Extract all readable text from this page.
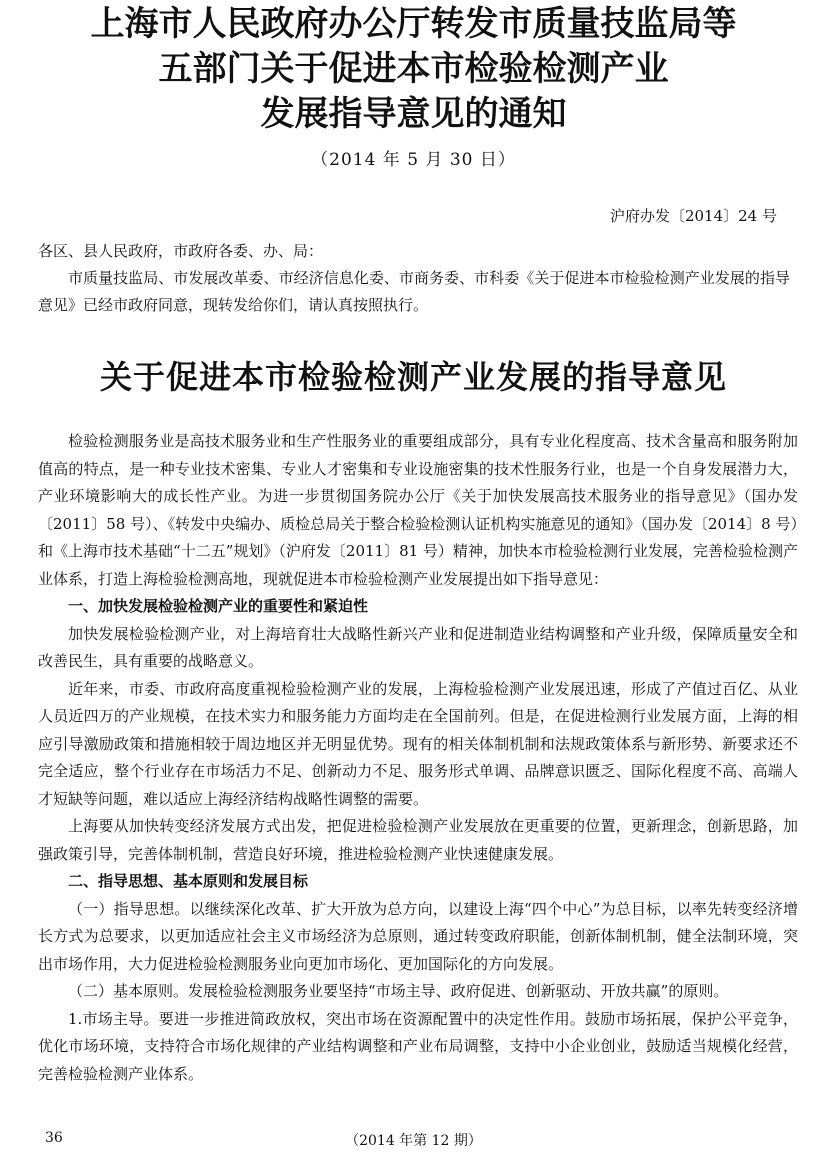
上海市人民政府办公厅转发市质量技监局等
五部门关于促进本市检验检测产业
发展指导意见的通知
（2014 年 5 月 30 日）
沪府办发〔2014〕24 号
各区、县人民政府，市政府各委、办、局：
市质量技监局、市发展改革委、市经济信息化委、市商务委、市科委《关于促进本市检验检测产业发展的指导意见》已经市政府同意，现转发给你们，请认真按照执行。
关于促进本市检验检测产业发展的指导意见

检验检测服务业是高技术服务业和生产性服务业的重要组成部分，具有专业化程度高、技术含量高和服务附加值高的特点，是一种专业技术密集、专业人才密集和专业设施密集的技术性服务行业，也是一个自身发展潜力大，产业环境影响大的成长性产业。为进一步贯彻国务院办公厅《关于加快发展高技术服务业的指导意见》（国办发〔2011〕58 号）、《转发中央编办、质检总局关于整合检验检测认证机构实施意见的通知》（国办发〔2014〕8 号）和《上海市技术基础“十二五”规划》（沪府发〔2011〕81 号）精神，加快本市检验检测行业发展，完善检验检测产业体系，打造上海检验检测高地，现就促进本市检验检测产业发展提出如下指导意见：

一、加快发展检验检测产业的重要性和紧迫性

加快发展检验检测产业，对上海培育壮大战略性新兴产业和促进制造业结构调整和产业升级，保障质量安全和改善民生，具有重要的战略意义。

近年来，市委、市政府高度重视检验检测产业的发展，上海检验检测产业发展迅速，形成了产值过百亿、从业人员近四万的产业规模，在技术实力和服务能力方面均走在全国前列。但是，在促进检测行业发展方面，上海的相应引导激励政策和措施相较于周边地区并无明显优势。现有的相关体制机制和法规政策体系与新形势、新要求还不完全适应，整个行业存在市场活力不足、创新动力不足、服务形式单调、品牌意识匮乏、国际化程度不高、高端人才短缺等问题，难以适应上海经济结构战略性调整的需要。

上海要从加快转变经济发展方式出发，把促进检验检测产业发展放在更重要的位置，更新理念，创新思路，加强政策引导，完善体制机制，营造良好环境，推进检验检测产业快速健康发展。

二、指导思想、基本原则和发展目标

（一）指导思想。以继续深化改革、扩大开放为总方向，以建设上海“四个中心”为总目标，以率先转变经济增长方式为总要求，以更加适应社会主义市场经济为总原则，通过转变政府职能，创新体制机制，健全法制环境，突出市场作用，大力促进检验检测服务业向更加市场化、更加国际化的方向发展。

（二）基本原则。发展检验检测服务业要坚持“市场主导、政府促进、创新驱动、开放共赢”的原则。

1.市场主导。要进一步推进简政放权，突出市场在资源配置中的决定性作用。鼓励市场拓展，保护公平竞争，优化市场环境，支持符合市场化规律的产业结构调整和产业布局调整，支持中小企业创业，鼓励适当规模化经营，完善检验检测产业体系。

36	（2014 年第 12 期）
